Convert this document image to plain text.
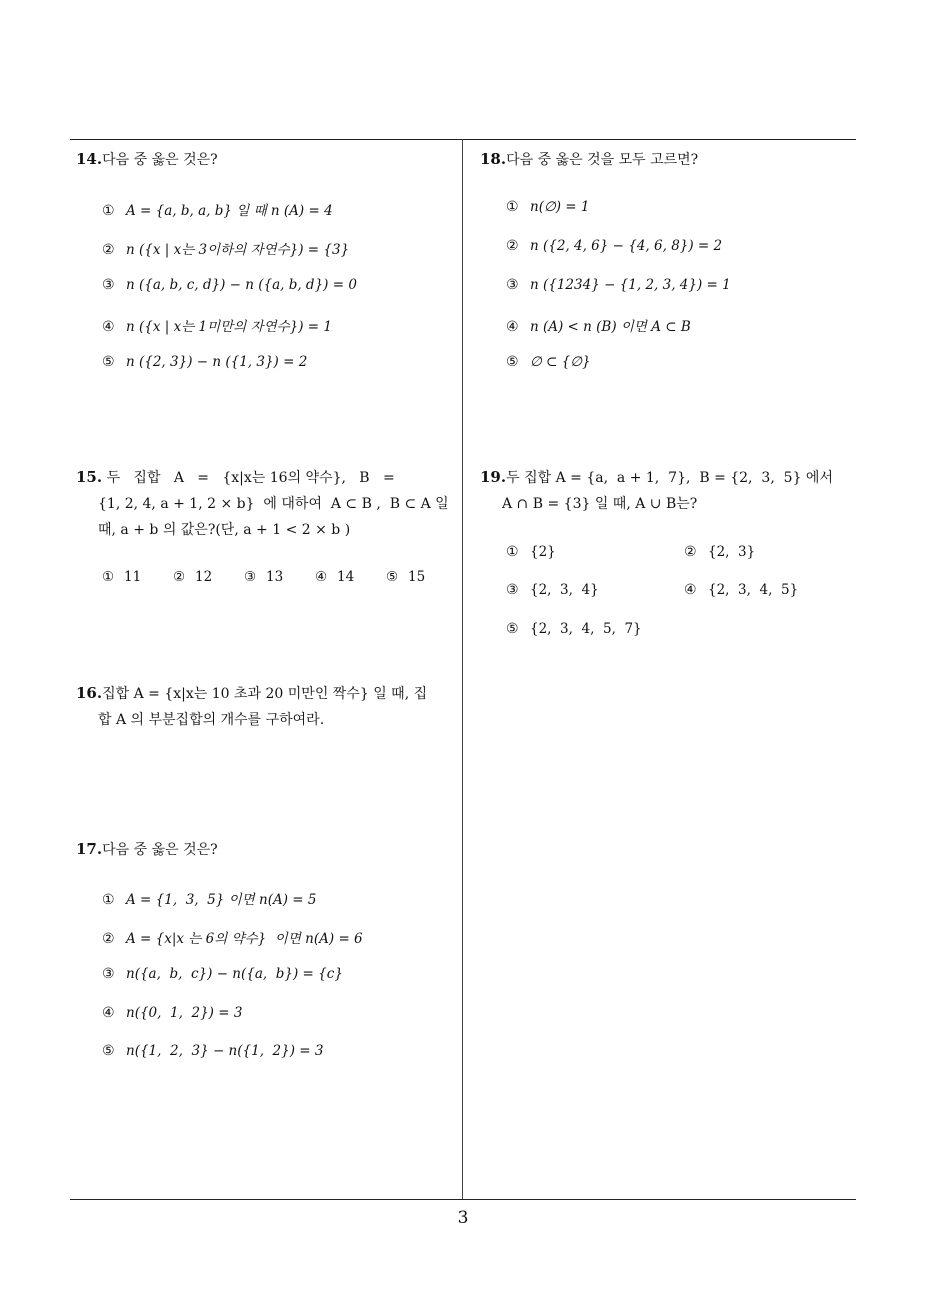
14.다음 중 옳은 것은?
① A = {a, b, a, b} 일 때 n (A) = 4
② n ({x | x는 3이하의 자연수}) = {3}
③ n ({a, b, c, d}) − n ({a, b, d}) = 0
④ n ({x | x는 1미만의 자연수}) = 1
⑤ n ({2, 3}) − n ({1, 3}) = 2
15. 두   집합   A   =   {x|x는 16의 약수},   B   =
{1, 2, 4, a + 1, 2 × b}  에 대하여  A ⊂ B ,  B ⊂ A 일
때, a + b 의 값은?(단, a + 1 < 2 × b )
① 11 ② 12 ③ 13 ④ 14 ⑤ 15
16.집합 A = {x|x는 10 초과 20 미만인 짝수} 일 때, 집
합 A 의 부분집합의 개수를 구하여라.
17.다음 중 옳은 것은?
① A = {1,  3,  5} 이면 n(A) = 5
② A = {x|x 는 6의 약수}  이면 n(A) = 6
③ n({a,  b,  c}) − n({a,  b}) = {c}
④ n({0,  1,  2}) = 3
⑤ n({1,  2,  3} − n({1,  2}) = 3
18.다음 중 옳은 것을 모두 고르면?
① n(∅) = 1
② n ({2, 4, 6} − {4, 6, 8}) = 2
③ n ({1234} − {1, 2, 3, 4}) = 1
④ n (A) < n (B) 이면 A ⊂ B
⑤ ∅ ⊂ {∅}
19.두 집합 A = {a,  a + 1,  7},  B = {2,  3,  5} 에서
A ∩ B = {3} 일 때, A ∪ B는?
① {2}	② {2,  3}
③ {2,  3,  4}	④ {2,  3,  4,  5}
⑤ {2,  3,  4,  5,  7}
3
